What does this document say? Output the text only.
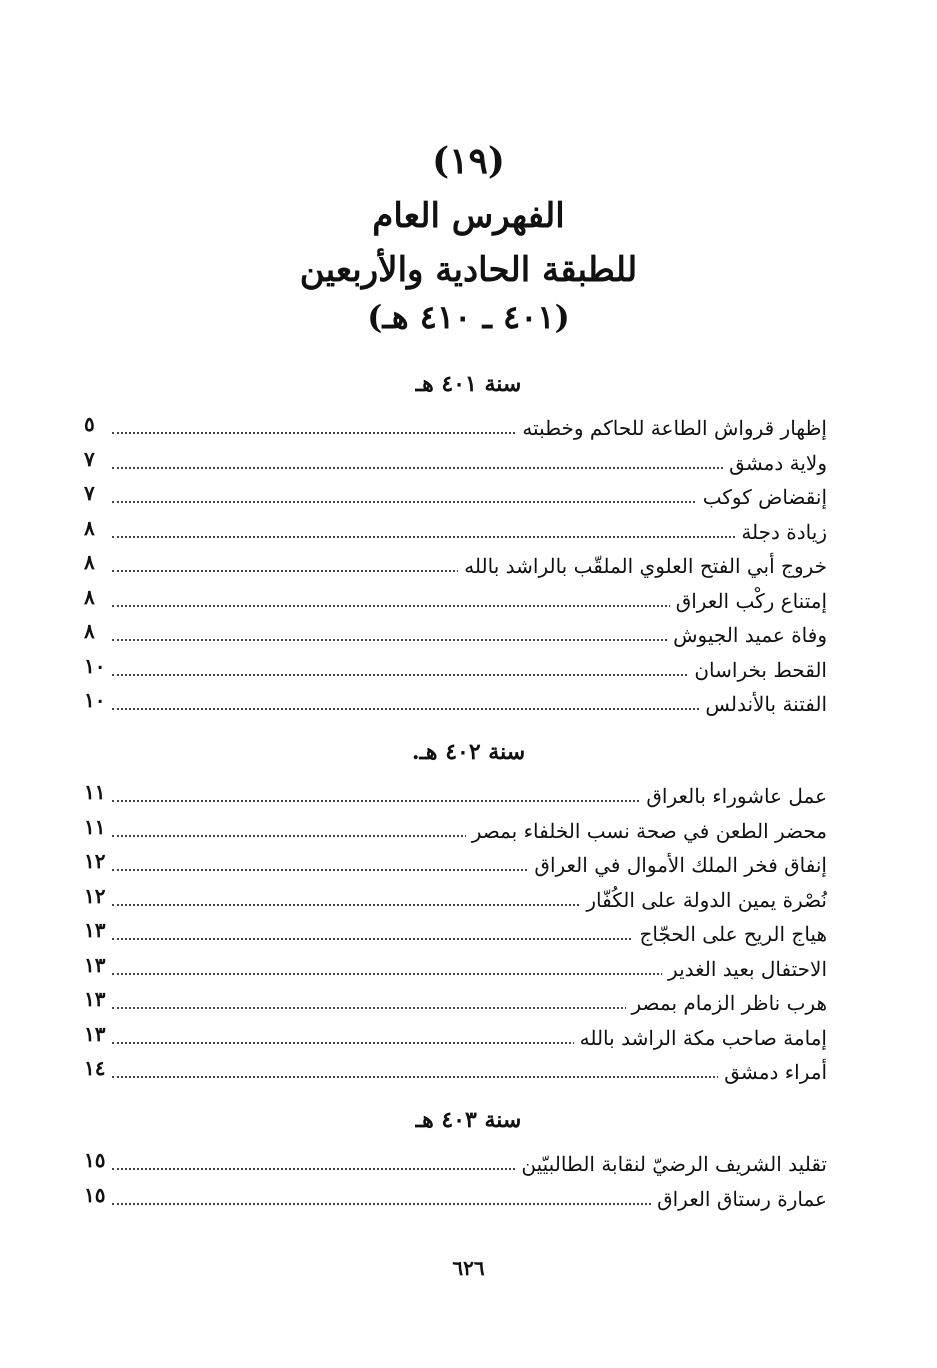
(١٩)
الفهرس العام
للطبقة الحادية والأربعين
(٤٠١ ـ ٤١٠ هـ)
سنة ٤٠١ هـ
إظهار قرواش الطاعة للحاكم وخطبته
٥
ولاية دمشق
٧
إنقضاض كوكب
٧
زيادة دجلة
٨
خروج أبي الفتح العلوي الملقّب بالراشد بالله
٨
إمتناع ركْب العراق
٨
وفاة عميد الجيوش
٨
القحط بخراسان
١٠
الفتنة بالأندلس
١٠
سنة ٤٠٢ هـ.
عمل عاشوراء بالعراق
١١
محضر الطعن في صحة نسب الخلفاء بمصر
١١
إنفاق فخر الملك الأموال في العراق
١٢
نُصْرة يمين الدولة على الكُفّار
١٢
هياج الريح على الحجّاج
١٣
الاحتفال بعيد الغدير
١٣
هرب ناظر الزمام بمصر
١٣
إمامة صاحب مكة الراشد بالله
١٣
أمراء دمشق
١٤
سنة ٤٠٣ هـ
تقليد الشريف الرضيّ لنقابة الطالبيّين
١٥
عمارة رستاق العراق
١٥
٦٢٦
